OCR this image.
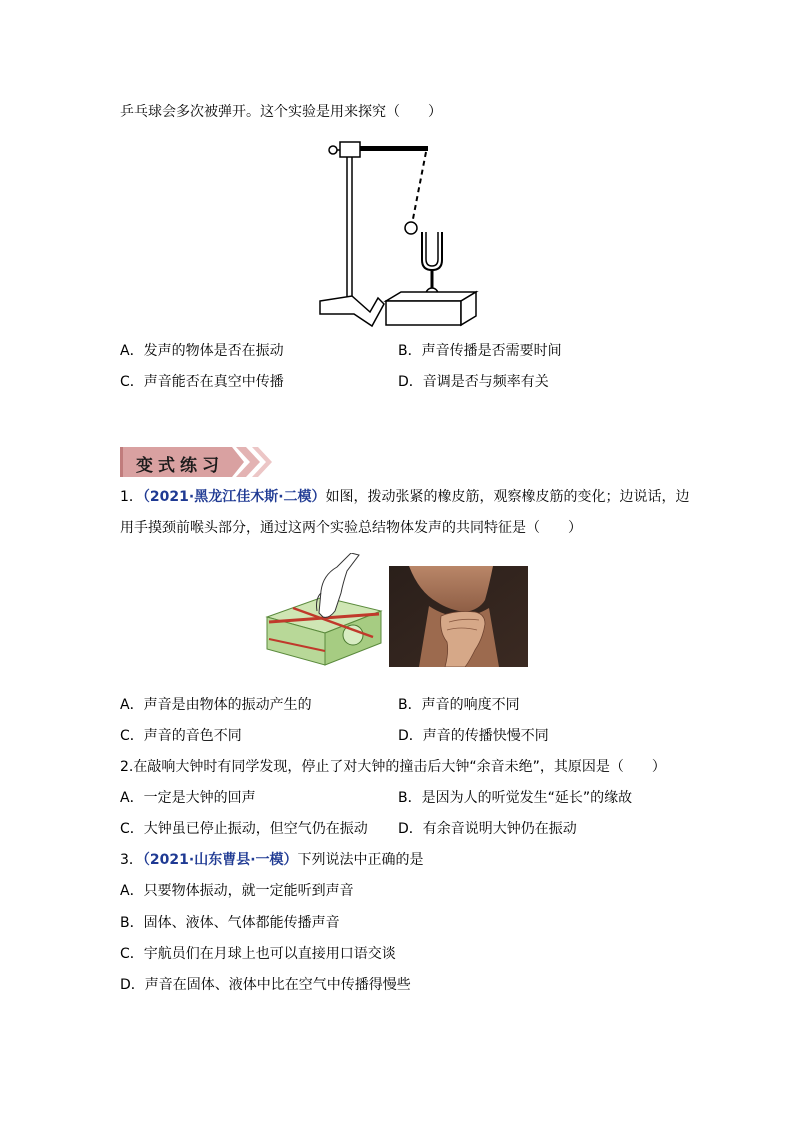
乒乓球会多次被弹开。这个实验是用来探究（　　）
A．发声的物体是否在振动	B．声音传播是否需要时间
C．声音能否在真空中传播	D．音调是否与频率有关
变式练习
1．（2021·黑龙江佳木斯·二模）如图，拨动张紧的橡皮筋，观察橡皮筋的变化；边说话，边
用手摸颈前喉头部分，通过这两个实验总结物体发声的共同特征是（　　）
A．声音是由物体的振动产生的	B．声音的响度不同
C．声音的音色不同	D．声音的传播快慢不同
2.在敲响大钟时有同学发现，停止了对大钟的撞击后大钟“余音未绝”，其原因是（　　）
A．一定是大钟的回声	B．是因为人的听觉发生“延长”的缘故
C．大钟虽已停止振动，但空气仍在振动 D．有余音说明大钟仍在振动
3．（2021·山东曹县·一模）下列说法中正确的是
A．只要物体振动，就一定能听到声音
B．固体、液体、气体都能传播声音
C．宇航员们在月球上也可以直接用口语交谈
D．声音在固体、液体中比在空气中传播得慢些
